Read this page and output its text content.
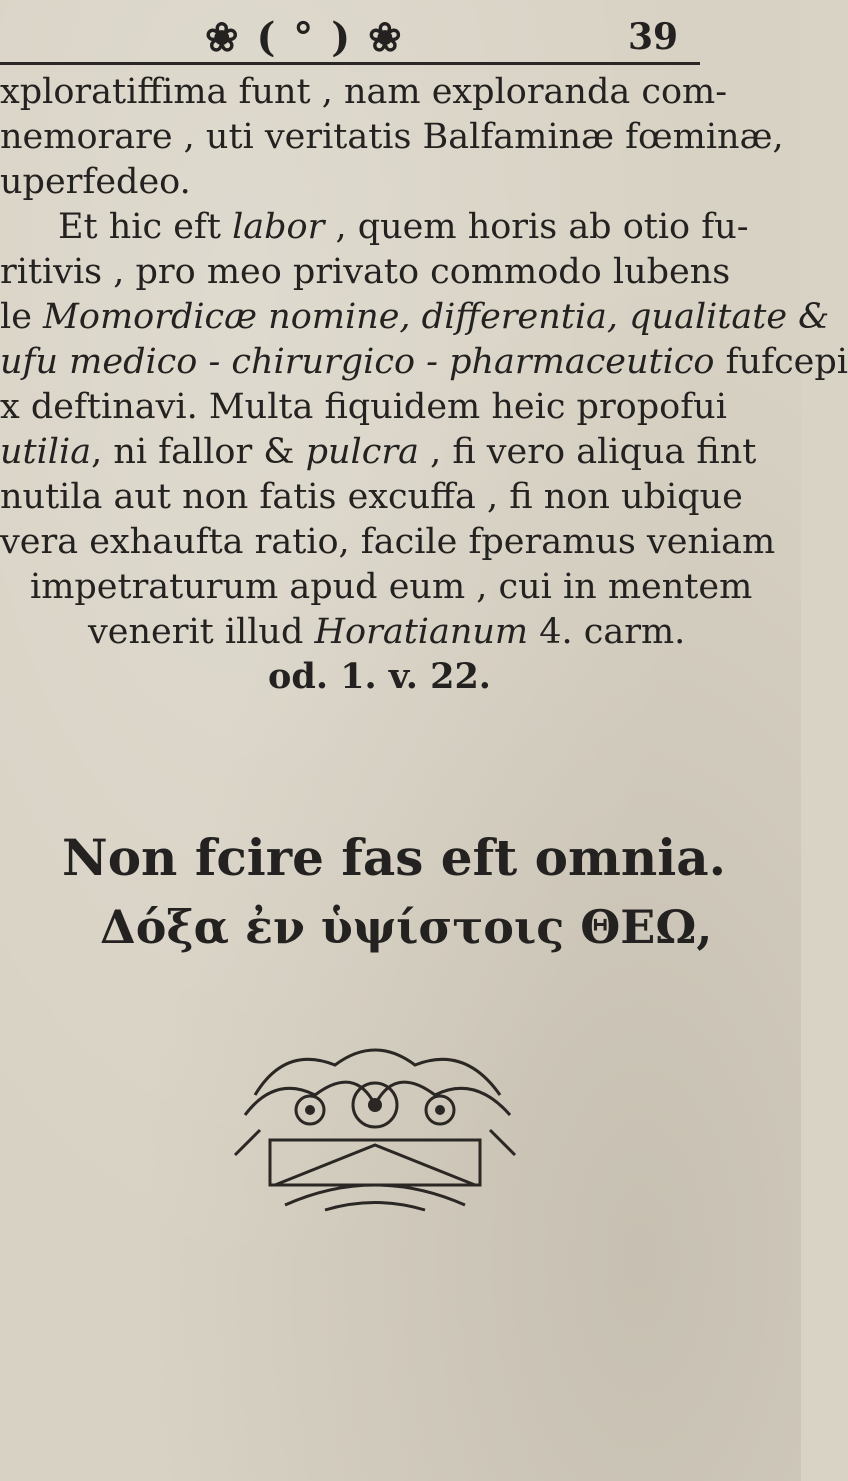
❀ ( ° ) ❀	39
xploratiffima funt , nam exploranda com-
nemorare , uti veritatis Balfaminæ fœminæ,
uperfedeo.
Et hic eft labor , quem horis ab otio fu-
ritivis , pro meo privato commodo lubens
le Momordicæ nomine, differentia, qualitate &
ufu medico - chirurgico - pharmaceutico fufcepi
x deftinavi. Multa fiquidem heic propofui
utilia, ni fallor & pulcra , fi vero aliqua fint
nutila aut non fatis excuffa , fi non ubique
vera exhaufta ratio, facile fperamus veniam
impetraturum apud eum , cui in mentem
venerit illud Horatianum 4. carm.
od. 1. v. 22.
Non fcire fas eft omnia.
Δόξα ἐν ὑψίστοις ΘΕΩ,
